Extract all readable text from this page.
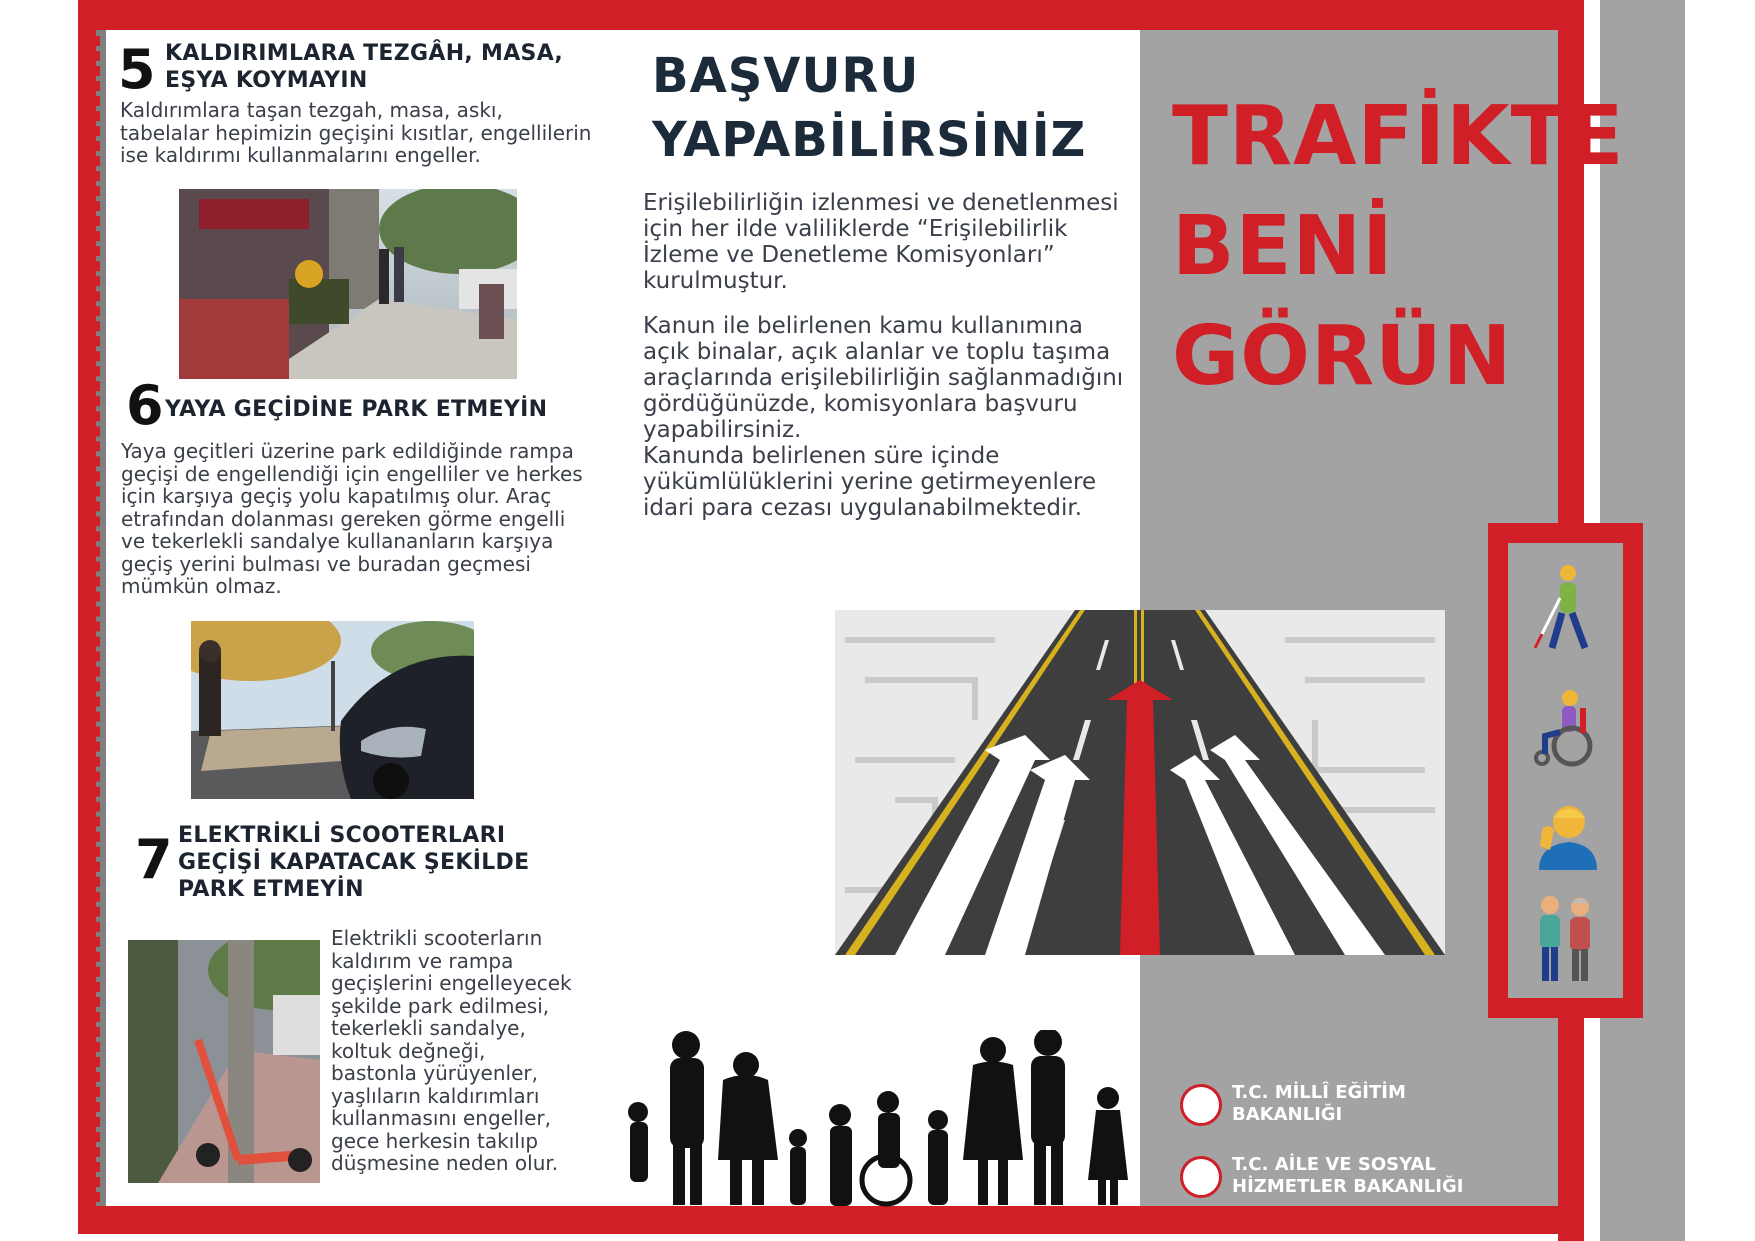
5 KALDIRIMLARA TEZGÂH, MASA,
EŞYA KOYMAYIN
Kaldırımlara taşan tezgah, masa, askı,
tabelalar hepimizin geçişini kısıtlar, engellilerin
ise kaldırımı kullanmalarını engeller.
6 YAYA GEÇİDİNE PARK ETMEYİN
Yaya geçitleri üzerine park edildiğinde rampa
geçişi de engellendiği için engelliler ve herkes
için karşıya geçiş yolu kapatılmış olur. Araç
etrafından dolanması gereken görme engelli
ve tekerlekli sandalye kullananların karşıya
geçiş yerini bulması ve buradan geçmesi
mümkün olmaz.
7 ELEKTRİKLİ SCOOTERLARI
GEÇİŞİ KAPATACAK ŞEKİLDE
PARK ETMEYİN
Elektrikli scooterların
kaldırım ve rampa
geçişlerini engelleyecek
şekilde park edilmesi,
tekerlekli sandalye,
koltuk değneği,
bastonla yürüyenler,
yaşlıların kaldırımları
kullanmasını engeller,
gece herkesin takılıp
düşmesine neden olur.
BAŞVURU
YAPABİLİRSİNİZ
Erişilebilirliğin izlenmesi ve denetlenmesi
için her ilde valiliklerde “Erişilebilirlik
İzleme ve Denetleme Komisyonları”
kurulmuştur.
Kanun ile belirlenen kamu kullanımına
açık binalar, açık alanlar ve toplu taşıma
araçlarında erişilebilirliğin sağlanmadığını
gördüğünüzde, komisyonlara başvuru
yapabilirsiniz.
Kanunda belirlenen süre içinde
yükümlülüklerini yerine getirmeyenlere
idari para cezası uygulanabilmektedir.
TRAFİKTE
BENİ
GÖRÜN
T.C. MİLLÎ EĞİTİM
BAKANLIĞI
T.C. AİLE VE SOSYAL
HİZMETLER BAKANLIĞI
